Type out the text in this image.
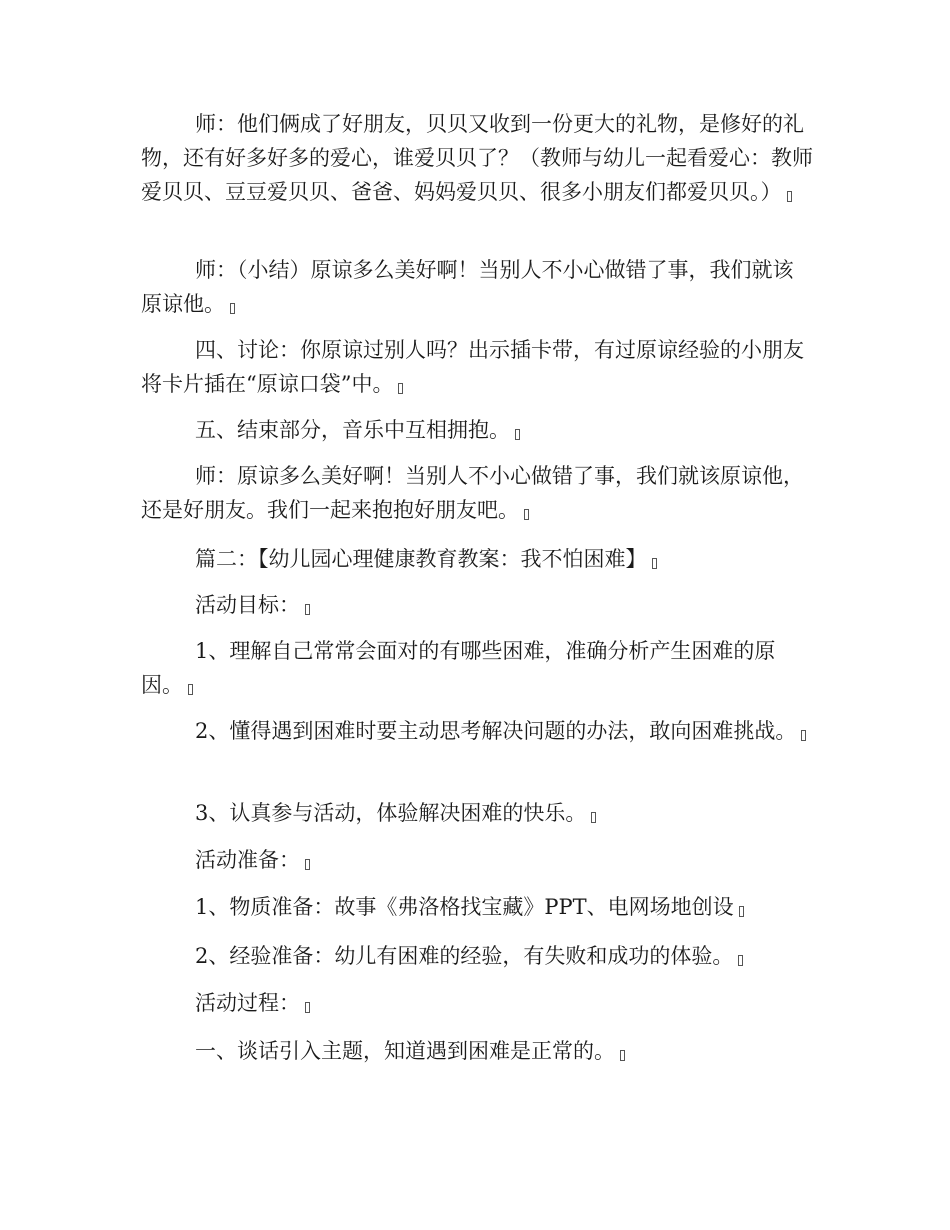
师：他们俩成了好朋友，贝贝又收到一份更大的礼物，是修好的礼物，还有好多好多的爱心，谁爱贝贝了？（教师与幼儿一起看爱心：教师爱贝贝、豆豆爱贝贝、爸爸、妈妈爱贝贝、很多小朋友们都爱贝贝。）

师：（小结）原谅多么美好啊！当别人不小心做错了事，我们就该原谅他。

四、讨论：你原谅过别人吗？出示插卡带，有过原谅经验的小朋友将卡片插在“原谅口袋”中。

五、结束部分，音乐中互相拥抱。

师：原谅多么美好啊！当别人不小心做错了事，我们就该原谅他，还是好朋友。我们一起来抱抱好朋友吧。

篇二：【幼儿园心理健康教育教案：我不怕困难】

活动目标：

1、理解自己常常会面对的有哪些困难，准确分析产生困难的原因。

2、懂得遇到困难时要主动思考解决问题的办法，敢向困难挑战。

3、认真参与活动，体验解决困难的快乐。

活动准备：

1、物质准备：故事《弗洛格找宝藏》PPT、电网场地创设

2、经验准备：幼儿有困难的经验，有失败和成功的体验。

活动过程：

一、谈话引入主题，知道遇到困难是正常的。
